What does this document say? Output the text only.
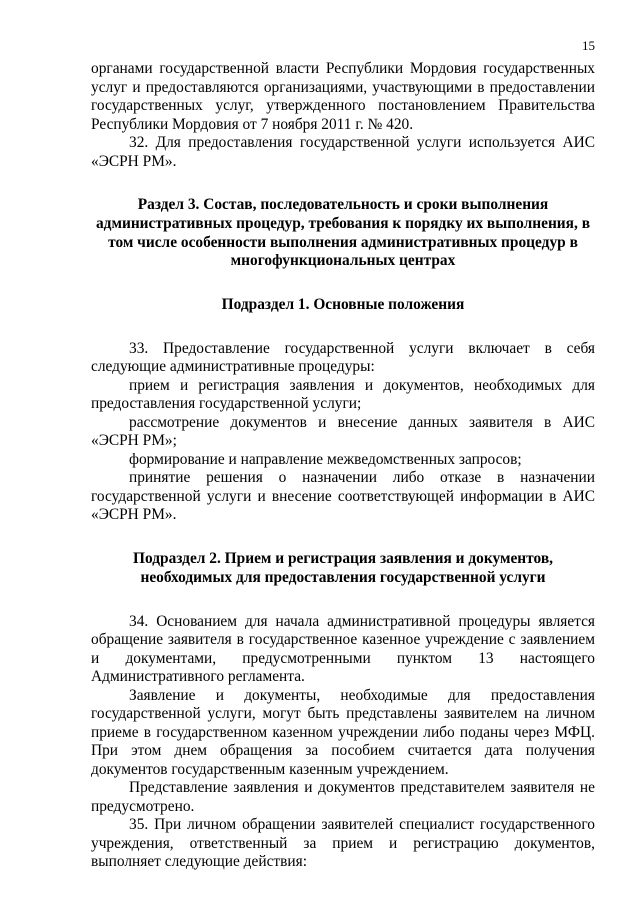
15

органами государственной власти Республики Мордовия государственных услуг и предоставляются организациями, участвующими в предоставлении государственных услуг, утвержденного постановлением Правительства Республики Мордовия от 7 ноября 2011 г. № 420.

32. Для предоставления государственной услуги используется АИС «ЭСРН РМ».

Раздел 3. Состав, последовательность и сроки выполнения административных процедур, требования к порядку их выполнения, в том числе особенности выполнения административных процедур в многофункциональных центрах

Подраздел 1. Основные положения

33. Предоставление государственной услуги включает в себя следующие административные процедуры:

прием и регистрация заявления и документов, необходимых для предоставления государственной услуги;

рассмотрение документов и внесение данных заявителя в АИС «ЭСРН РМ»;

формирование и направление межведомственных запросов;

принятие решения о назначении либо отказе в назначении государственной услуги и внесение соответствующей информации в АИС «ЭСРН РМ».

Подраздел 2. Прием и регистрация заявления и документов, необходимых для предоставления государственной услуги

34. Основанием для начала административной процедуры является обращение заявителя в государственное казенное учреждение с заявлением и документами, предусмотренными пунктом 13 настоящего Административного регламента.

Заявление и документы, необходимые для предоставления государственной услуги, могут быть представлены заявителем на личном приеме в государственном казенном учреждении либо поданы через МФЦ. При этом днем обращения за пособием считается дата получения документов государственным казенным учреждением.

Представление заявления и документов представителем заявителя не предусмотрено.

35. При личном обращении заявителей специалист государственного учреждения, ответственный за прием и регистрацию документов, выполняет следующие действия:
